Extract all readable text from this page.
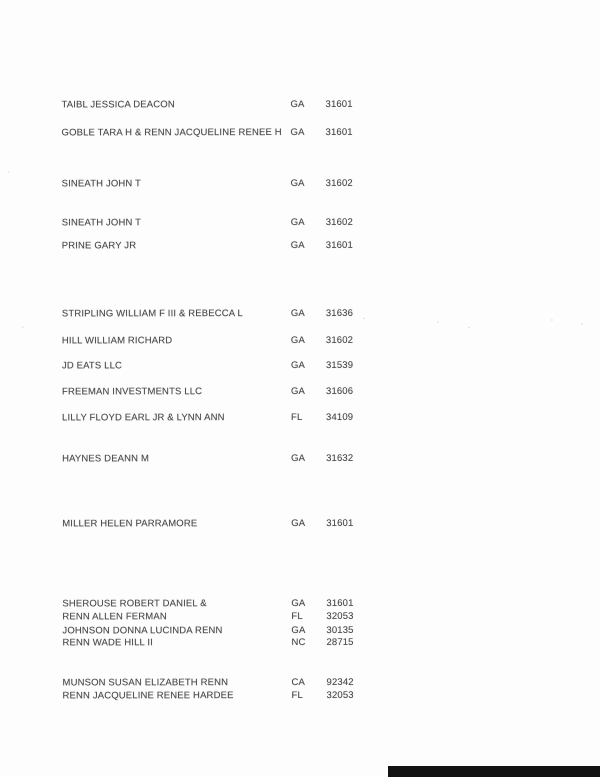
TAIBL JESSICA DEACON	GA 31601
GOBLE TARA H & RENN JACQUELINE RENEE H GA 31601
SINEATH JOHN T	GA 31602
SINEATH JOHN T	GA 31602
PRINE GARY JR	GA 31601
STRIPLING WILLIAM F III & REBECCA L	GA 31636
HILL WILLIAM RICHARD	GA 31602
JD EATS LLC	GA 31539
FREEMAN INVESTMENTS LLC	GA 31606
LILLY FLOYD EARL JR & LYNN ANN	FL 34109
HAYNES DEANN M	GA 31632
MILLER HELEN PARRAMORE	GA 31601
SHEROUSE ROBERT DANIEL &	GA 31601
RENN ALLEN FERMAN	FL 32053
JOHNSON DONNA LUCINDA RENN	GA 30135
RENN WADE HILL II	NC 28715
MUNSON SUSAN ELIZABETH RENN	CA 92342
RENN JACQUELINE RENEE HARDEE	FL 32053
